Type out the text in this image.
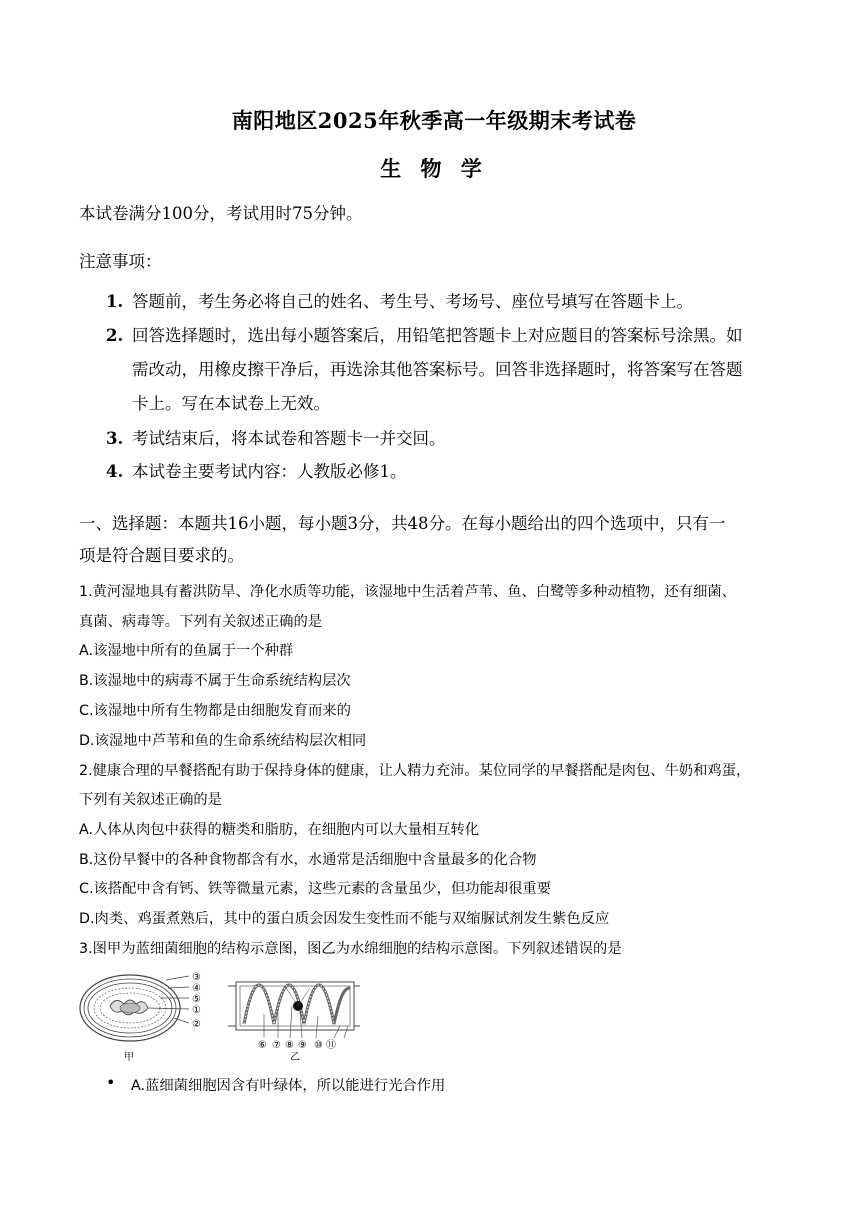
南阳地区2025年秋季高一年级期末考试卷
生 物 学
本试卷满分100分，考试用时75分钟。
注意事项：
1. 答题前，考生务必将自己的姓名、考生号、考场号、座位号填写在答题卡上。
2. 回答选择题时，选出每小题答案后，用铅笔把答题卡上对应题目的答案标号涂黑。如
需改动，用橡皮擦干净后，再选涂其他答案标号。回答非选择题时，将答案写在答题
卡上。写在本试卷上无效。
3. 考试结束后，将本试卷和答题卡一并交回。
4. 本试卷主要考试内容：人教版必修1。
一、选择题：本题共16小题，每小题3分，共48分。在每小题给出的四个选项中，只有一
项是符合题目要求的。
1.黄河湿地具有蓄洪防旱、净化水质等功能，该湿地中生活着芦苇、鱼、白鹭等多种动植物，还有细菌、
真菌、病毒等。下列有关叙述正确的是
A.该湿地中所有的鱼属于一个种群
B.该湿地中的病毒不属于生命系统结构层次
C.该湿地中所有生物都是由细胞发育而来的
D.该湿地中芦苇和鱼的生命系统结构层次相同
2.健康合理的早餐搭配有助于保持身体的健康，让人精力充沛。某位同学的早餐搭配是肉包、牛奶和鸡蛋，
下列有关叙述正确的是
A.人体从肉包中获得的糖类和脂肪，在细胞内可以大量相互转化
B.这份早餐中的各种食物都含有水，水通常是活细胞中含量最多的化合物
C.该搭配中含有钙、铁等微量元素，这些元素的含量虽少，但功能却很重要
D.肉类、鸡蛋煮熟后，其中的蛋白质会因发生变性而不能与双缩脲试剂发生紫色反应
3.图甲为蓝细菌细胞的结构示意图，图乙为水绵细胞的结构示意图。下列叙述错误的是
③
④
⑤
①
②
甲
⑥ ⑦ ⑧ ⑨ ⑩ ⑪
乙
• A.蓝细菌细胞因含有叶绿体，所以能进行光合作用
